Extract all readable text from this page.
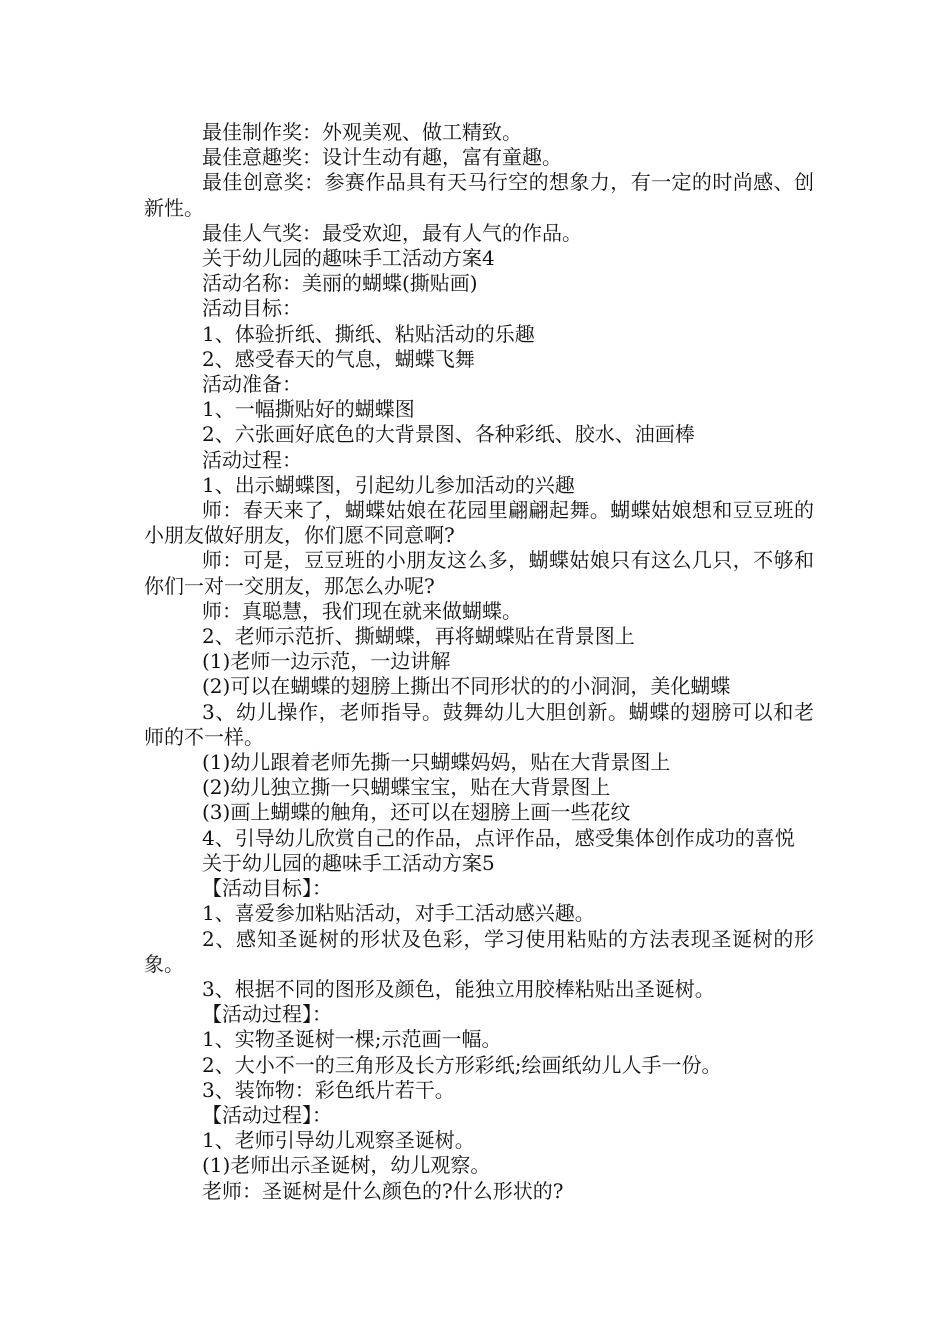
最佳制作奖：外观美观、做工精致。

最佳意趣奖：设计生动有趣，富有童趣。

最佳创意奖：参赛作品具有天马行空的想象力，有一定的时尚感、创新性。

最佳人气奖：最受欢迎，最有人气的作品。

关于幼儿园的趣味手工活动方案4

活动名称：美丽的蝴蝶(撕贴画)

活动目标：

1、体验折纸、撕纸、粘贴活动的乐趣

2、感受春天的气息，蝴蝶飞舞

活动准备：

1、一幅撕贴好的蝴蝶图

2、六张画好底色的大背景图、各种彩纸、胶水、油画棒

活动过程：

1、出示蝴蝶图，引起幼儿参加活动的兴趣

师：春天来了，蝴蝶姑娘在花园里翩翩起舞。蝴蝶姑娘想和豆豆班的小朋友做好朋友，你们愿不同意啊?

师：可是，豆豆班的小朋友这么多，蝴蝶姑娘只有这么几只，不够和你们一对一交朋友，那怎么办呢?

师：真聪慧，我们现在就来做蝴蝶。

2、老师示范折、撕蝴蝶，再将蝴蝶贴在背景图上

(1)老师一边示范，一边讲解

(2)可以在蝴蝶的翅膀上撕出不同形状的的小洞洞，美化蝴蝶

3、幼儿操作，老师指导。鼓舞幼儿大胆创新。蝴蝶的翅膀可以和老师的不一样。

(1)幼儿跟着老师先撕一只蝴蝶妈妈，贴在大背景图上

(2)幼儿独立撕一只蝴蝶宝宝，贴在大背景图上

(3)画上蝴蝶的触角，还可以在翅膀上画一些花纹

4、引导幼儿欣赏自己的作品，点评作品，感受集体创作成功的喜悦

关于幼儿园的趣味手工活动方案5

【活动目标】：

1、喜爱参加粘贴活动，对手工活动感兴趣。

2、感知圣诞树的形状及色彩，学习使用粘贴的方法表现圣诞树的形象。

3、根据不同的图形及颜色，能独立用胶棒粘贴出圣诞树。

【活动过程】：

1、实物圣诞树一棵;示范画一幅。

2、大小不一的三角形及长方形彩纸;绘画纸幼儿人手一份。

3、装饰物：彩色纸片若干。

【活动过程】：

1、老师引导幼儿观察圣诞树。

(1)老师出示圣诞树，幼儿观察。

老师：圣诞树是什么颜色的?什么形状的?
